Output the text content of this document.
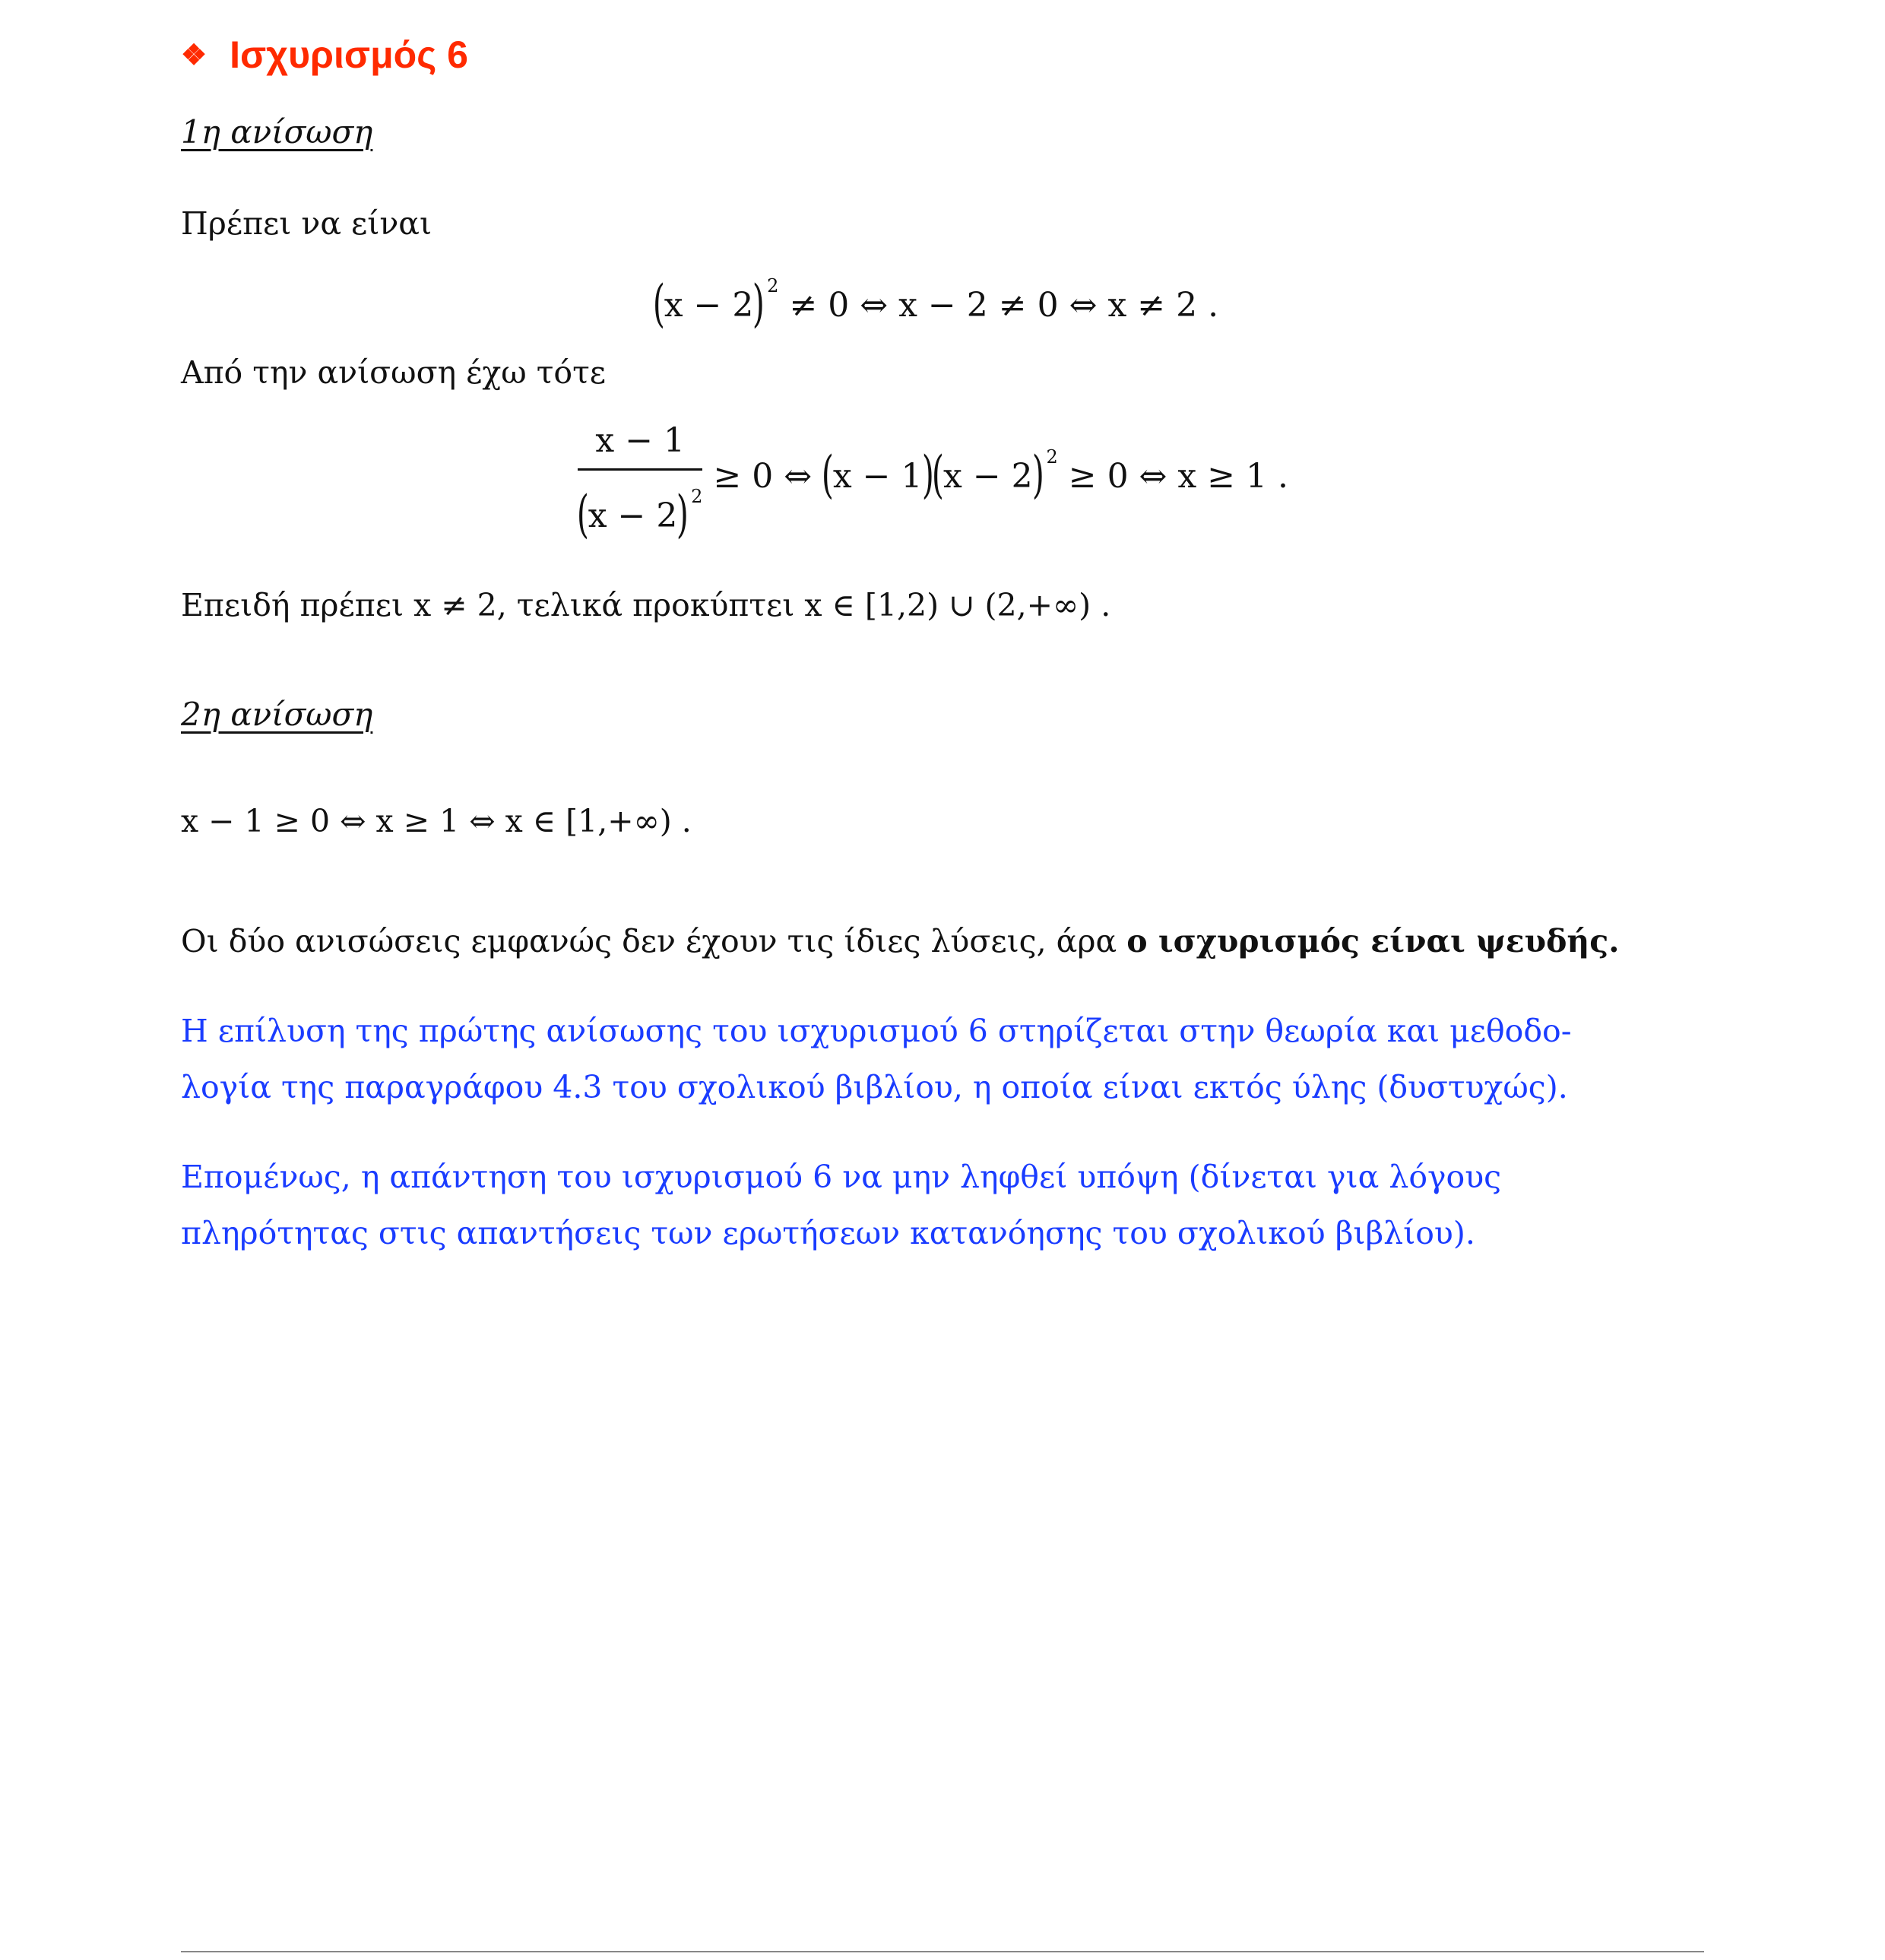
❖ Ισχυρισμός 6
1η ανίσωση
Πρέπει να είναι
(x − 2) $^2$ ≠ 0 ⇔ x − 2 ≠ 0 ⇔ x ≠ 2 .
Από την ανίσωση έχω τότε
$\frac{x - 1}{(x - 2) ^2} \ge 0$ ⇔ (x − 1)(x − 2) $^2$ ≥ 0 ⇔ x ≥ 1 .
Επειδή πρέπει x ≠ 2, τελικά προκύπτει x ∈ [1,2) ∪ (2,+∞) .
2η ανίσωση
x − 1 ≥ 0 ⇔ x ≥ 1 ⇔ x ∈ [1,+∞) .
Οι δύο ανισώσεις εμφανώς δεν έχουν τις ίδιες λύσεις, άρα ο ισχυρισμός είναι ψευδής.
Η επίλυση της πρώτης ανίσωσης του ισχυρισμού 6 στηρίζεται στην θεωρία και μεθοδο-
λογία της παραγράφου 4.3 του σχολικού βιβλίου, η οποία είναι εκτός ύλης (δυστυχώς).
Επομένως, η απάντηση του ισχυρισμού 6 να μην ληφθεί υπόψη (δίνεται για λόγους
πληρότητας στις απαντήσεις των ερωτήσεων κατανόησης του σχολικού βιβλίου).
